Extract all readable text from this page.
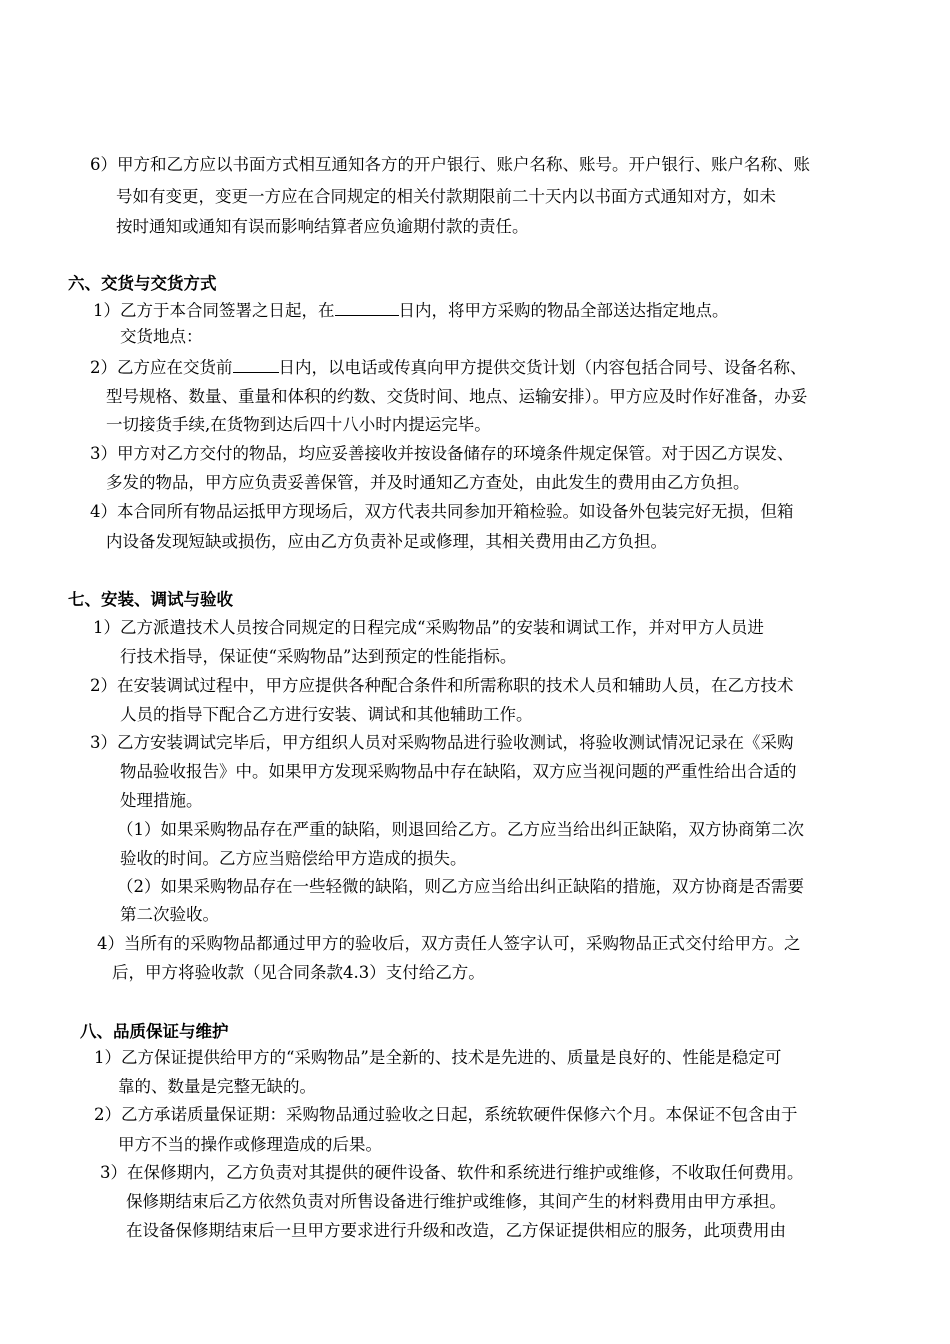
6）甲方和乙方应以书面方式相互通知各方的开户银行、账户名称、账号。开户银行、账户名称、账
号如有变更，变更一方应在合同规定的相关付款期限前二十天内以书面方式通知对方，如未
按时通知或通知有误而影响结算者应负逾期付款的责任。
六、交货与交货方式
1）乙方于本合同签署之日起，在	日内，将甲方采购的物品全部送达指定地点。
交货地点：
2）乙方应在交货前	日内，以电话或传真向甲方提供交货计划（内容包括合同号、设备名称、
型号规格、数量、重量和体积的约数、交货时间、地点、运输安排）。甲方应及时作好准备，办妥
一切接货手续,在货物到达后四十八小时内提运完毕。
3）甲方对乙方交付的物品，均应妥善接收并按设备储存的环境条件规定保管。对于因乙方误发、
多发的物品，甲方应负责妥善保管，并及时通知乙方查处，由此发生的费用由乙方负担。
4）本合同所有物品运抵甲方现场后，双方代表共同参加开箱检验。如设备外包装完好无损，但箱
内设备发现短缺或损伤，应由乙方负责补足或修理，其相关费用由乙方负担。
七、安装、调试与验收
1）乙方派遣技术人员按合同规定的日程完成“采购物品”的安装和调试工作，并对甲方人员进
行技术指导，保证使“采购物品”达到预定的性能指标。
2）在安装调试过程中，甲方应提供各种配合条件和所需称职的技术人员和辅助人员，在乙方技术
人员的指导下配合乙方进行安装、调试和其他辅助工作。
3）乙方安装调试完毕后，甲方组织人员对采购物品进行验收测试，将验收测试情况记录在《采购
物品验收报告》中。如果甲方发现采购物品中存在缺陷，双方应当视问题的严重性给出合适的
处理措施。
（1）如果采购物品存在严重的缺陷，则退回给乙方。乙方应当给出纠正缺陷，双方协商第二次
验收的时间。乙方应当赔偿给甲方造成的损失。
（2）如果采购物品存在一些轻微的缺陷，则乙方应当给出纠正缺陷的措施，双方协商是否需要
第二次验收。
4）当所有的采购物品都通过甲方的验收后，双方责任人签字认可，采购物品正式交付给甲方。之
后，甲方将验收款（见合同条款4.3）支付给乙方。
八、品质保证与维护
1）乙方保证提供给甲方的“采购物品”是全新的、技术是先进的、质量是良好的、性能是稳定可
靠的、数量是完整无缺的。
2）乙方承诺质量保证期：采购物品通过验收之日起，系统软硬件保修六个月。本保证不包含由于
甲方不当的操作或修理造成的后果。
3）在保修期内，乙方负责对其提供的硬件设备、软件和系统进行维护或维修，不收取任何费用。
保修期结束后乙方依然负责对所售设备进行维护或维修，其间产生的材料费用由甲方承担。
在设备保修期结束后一旦甲方要求进行升级和改造，乙方保证提供相应的服务，此项费用由
